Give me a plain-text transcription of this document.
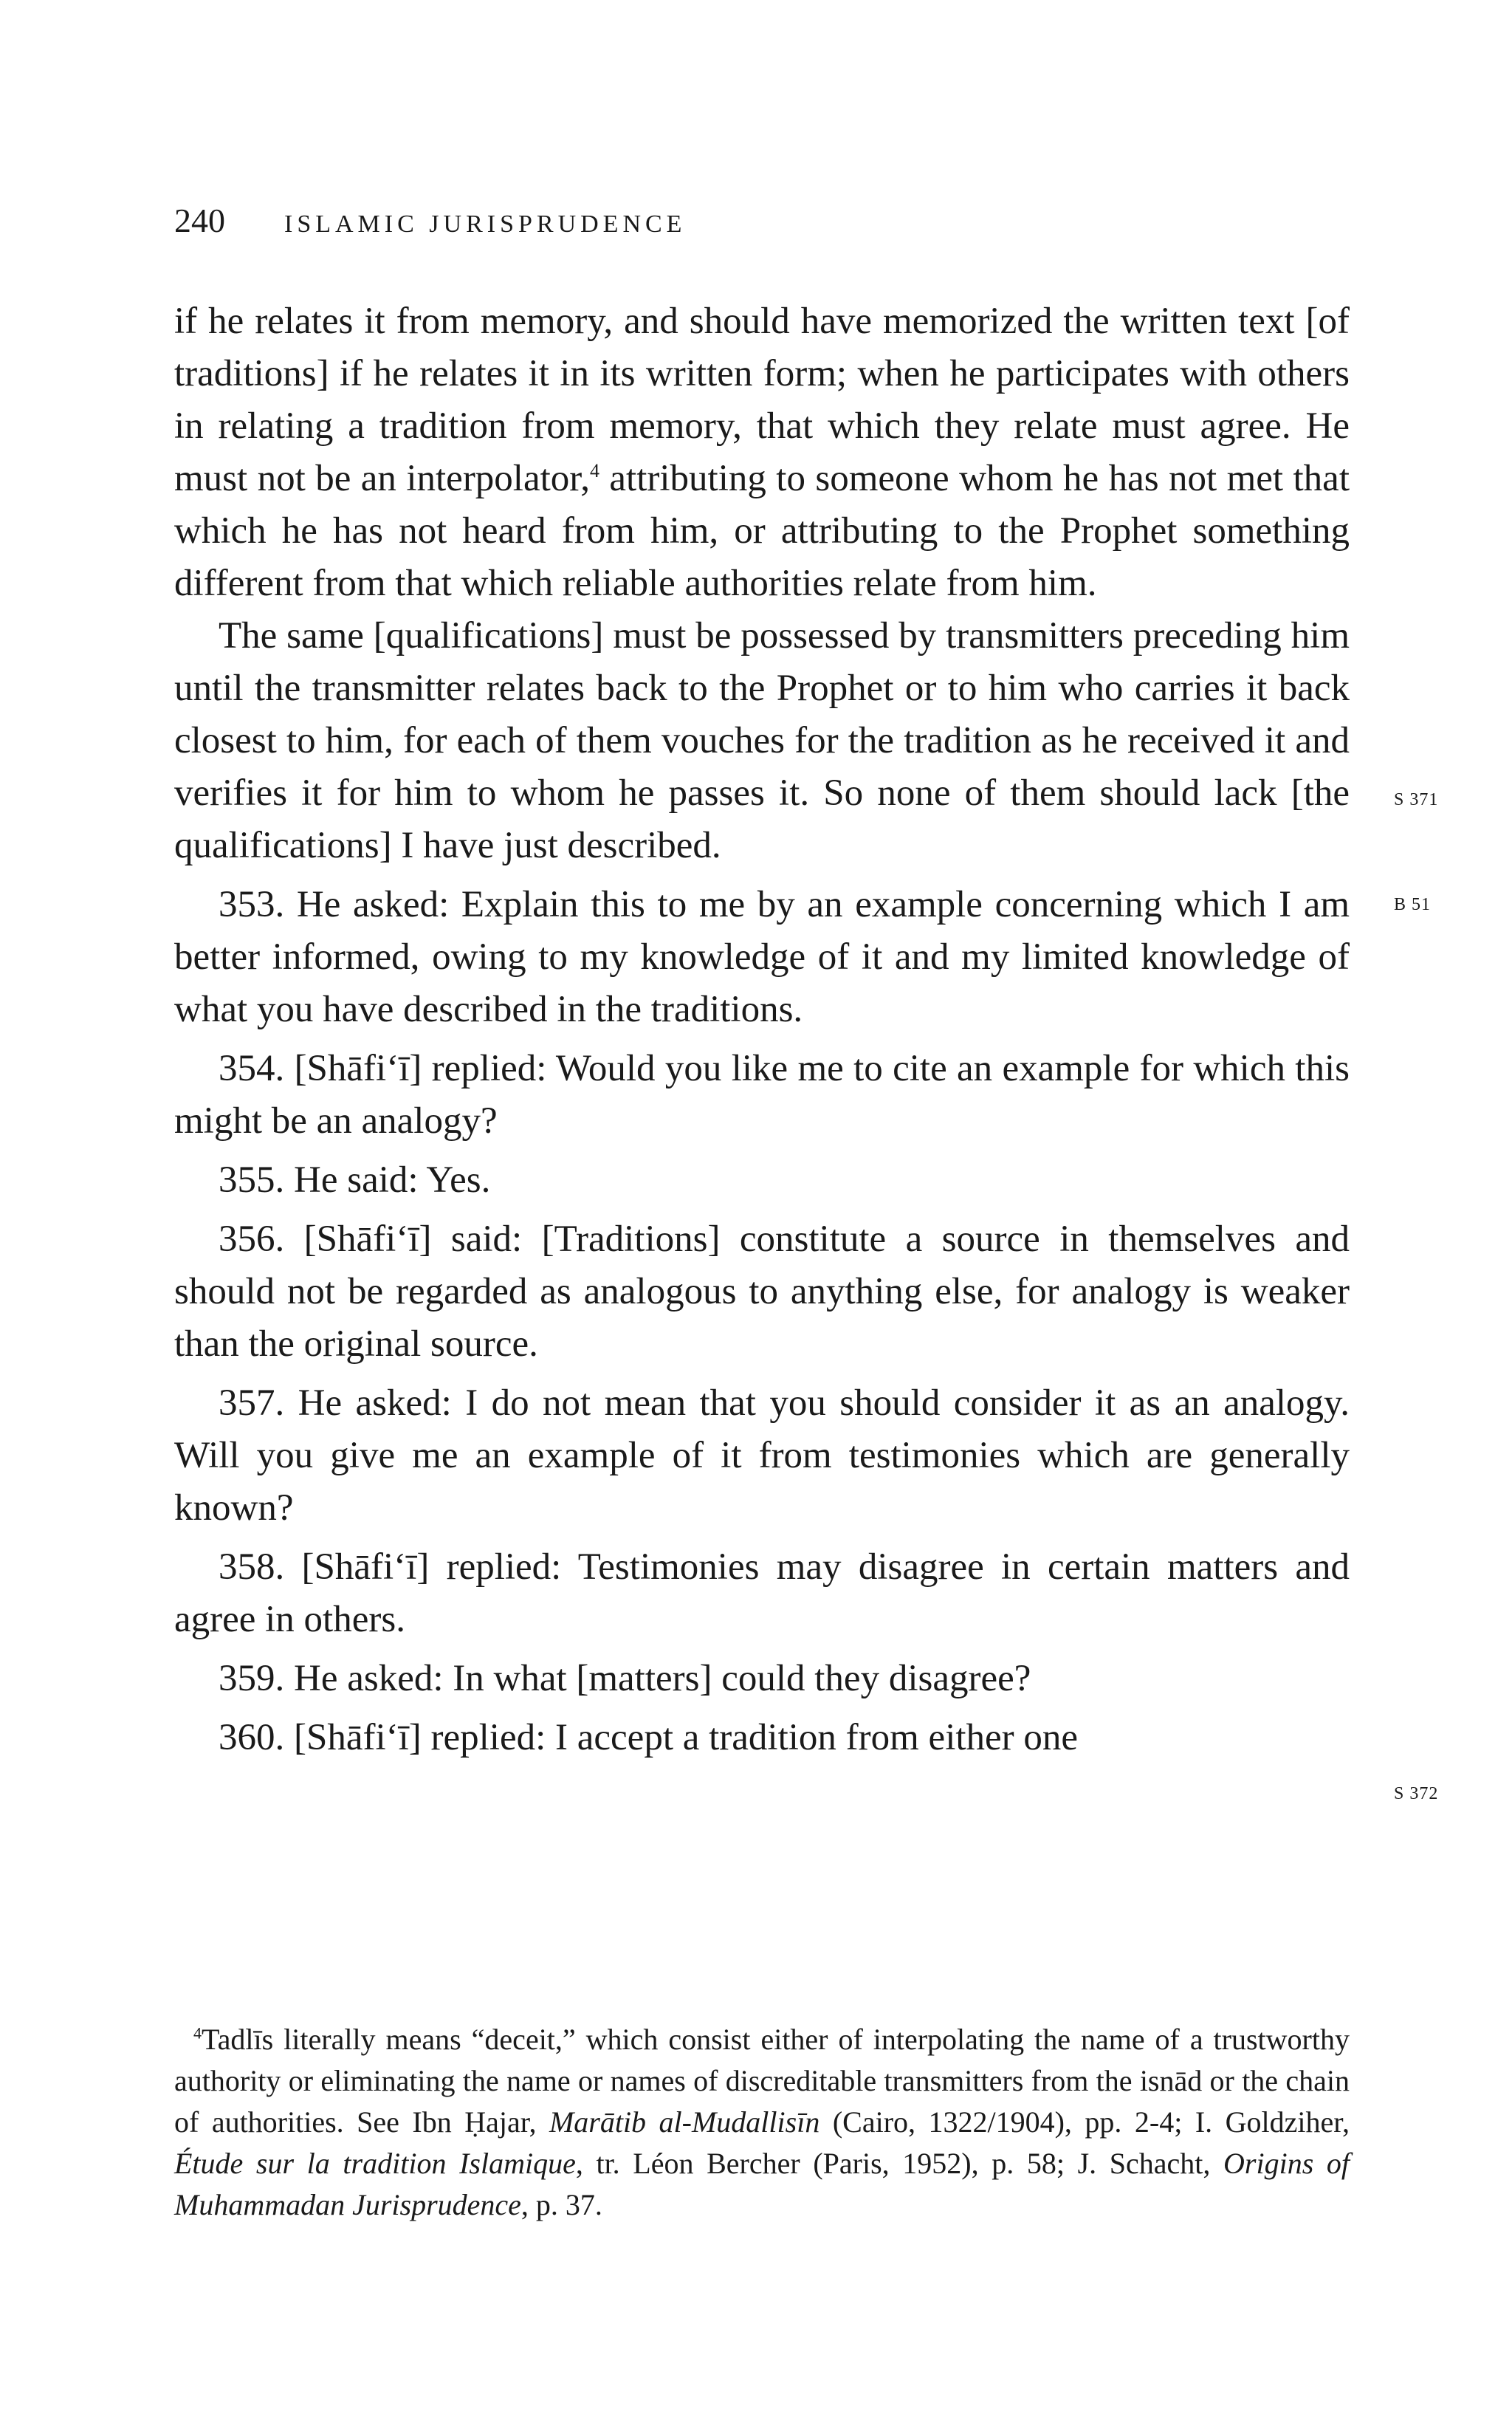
240 ISLAMIC JURISPRUDENCE

if he relates it from memory, and should have memorized the written text [of traditions] if he relates it in its written form; when he participates with others in relating a tradition from memory, that which they relate must agree. He must not be an interpolator,$^4$ attributing to someone whom he has not met that which he has not heard from him, or attributing to the Prophet something different from that which reliable authorities relate from him.

The same [qualifications] must be possessed by transmitters preceding him until the transmitter relates back to the Prophet or to him who carries it back closest to him, for each of them vouches for the tradition as he received it and verifies it for him to whom he passes it. So none of them should lack [the qualifications] I have just described.

353. He asked: Explain this to me by an example concerning which I am better informed, owing to my knowledge of it and my limited knowledge of what you have described in the traditions.

354. [Shāfi‘ī] replied: Would you like me to cite an example for which this might be an analogy?

355. He said: Yes.

356. [Shāfi‘ī] said: [Traditions] constitute a source in themselves and should not be regarded as analogous to anything else, for analogy is weaker than the original source.

357. He asked: I do not mean that you should consider it as an analogy. Will you give me an example of it from testimonies which are generally known?

358. [Shāfi‘ī] replied: Testimonies may disagree in certain matters and agree in others.

359. He asked: In what [matters] could they disagree?

360. [Shāfi‘ī] replied: I accept a tradition from either one

S 371
B 51
S 372

$^4$Tadlīs literally means “deceit,” which consist either of interpolating the name of a trustworthy authority or eliminating the name or names of discreditable transmitters from the isnād or the chain of authorities. See Ibn Ḥajar, Marātib al-Mudallisīn (Cairo, 1322/1904), pp. 2-4; I. Goldziher, Étude sur la tradition Islamique, tr. Léon Bercher (Paris, 1952), p. 58; J. Schacht, Origins of Muhammadan Jurisprudence, p. 37.
